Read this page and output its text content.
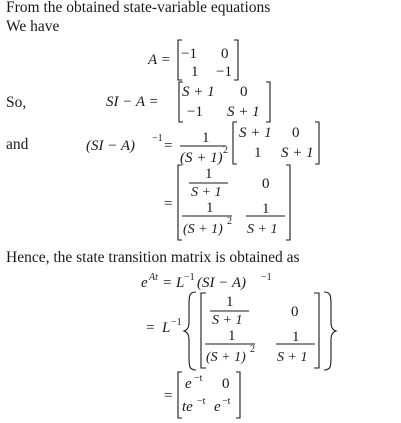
From the obtained state-variable equations
We have
So,
and
Hence, the state transition matrix is obtained as
A = −1 0
1 −1
SI − A =
S + 1 0
−1 S + 1
(SI − A) −1 = 1
(S + 1) 2
S + 1 0
1 S + 1
=
1
S + 1
0
1
(S + 1)
2
1
S + 1
e At = L −1 (SI − A) −1
= L −1
1
S + 1
0
1
(S + 1)
2
1
S + 1
=
e −t 0
te −t e −t
